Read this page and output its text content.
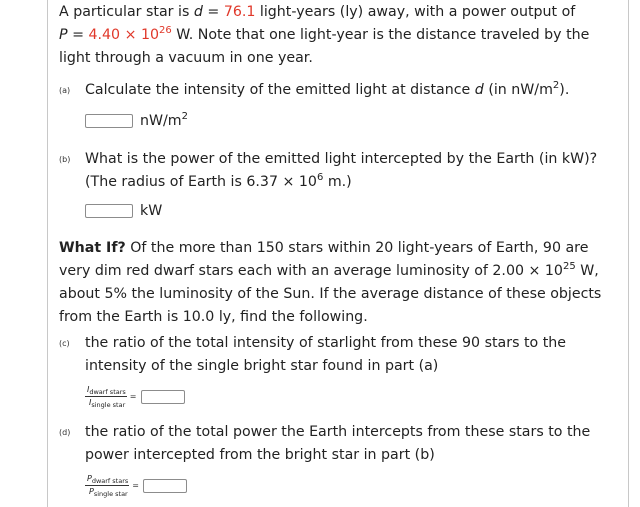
A particular star is d = 76.1 light-years (ly) away, with a power output of

$P = 4.40 \times 10^{26}$ W. Note that one light-year is the distance traveled by the

light through a vacuum in one year.

(a)	Calculate the intensity of the emitted light at distance d (in $nW/m^2$).
$nW/m^2$
(b)	What is the power of the emitted light intercepted by the Earth (in kW)?
(The radius of Earth is $6.37 \times 10^6$ m.)
kW

What If? Of the more than 150 stars within 20 light-years of Earth, 90 are

very dim red dwarf stars each with an average luminosity of $2.00 \times 10^{25}$ W,

about 5% the luminosity of the Sun. If the average distance of these objects

from the Earth is 10.0 ly, find the following.

(c)	the ratio of the total intensity of starlight from these 90 stars to the
intensity of the single bright star found in part (a)
$\frac{\text{Idwarf stars}}{\text{Isingle star}}$ =
(d)	the ratio of the total power the Earth intercepts from these stars to the
power intercepted from the bright star in part (b)
$\frac{\text{Pdwarf stars}}{\text{Psingle star}}$ =
